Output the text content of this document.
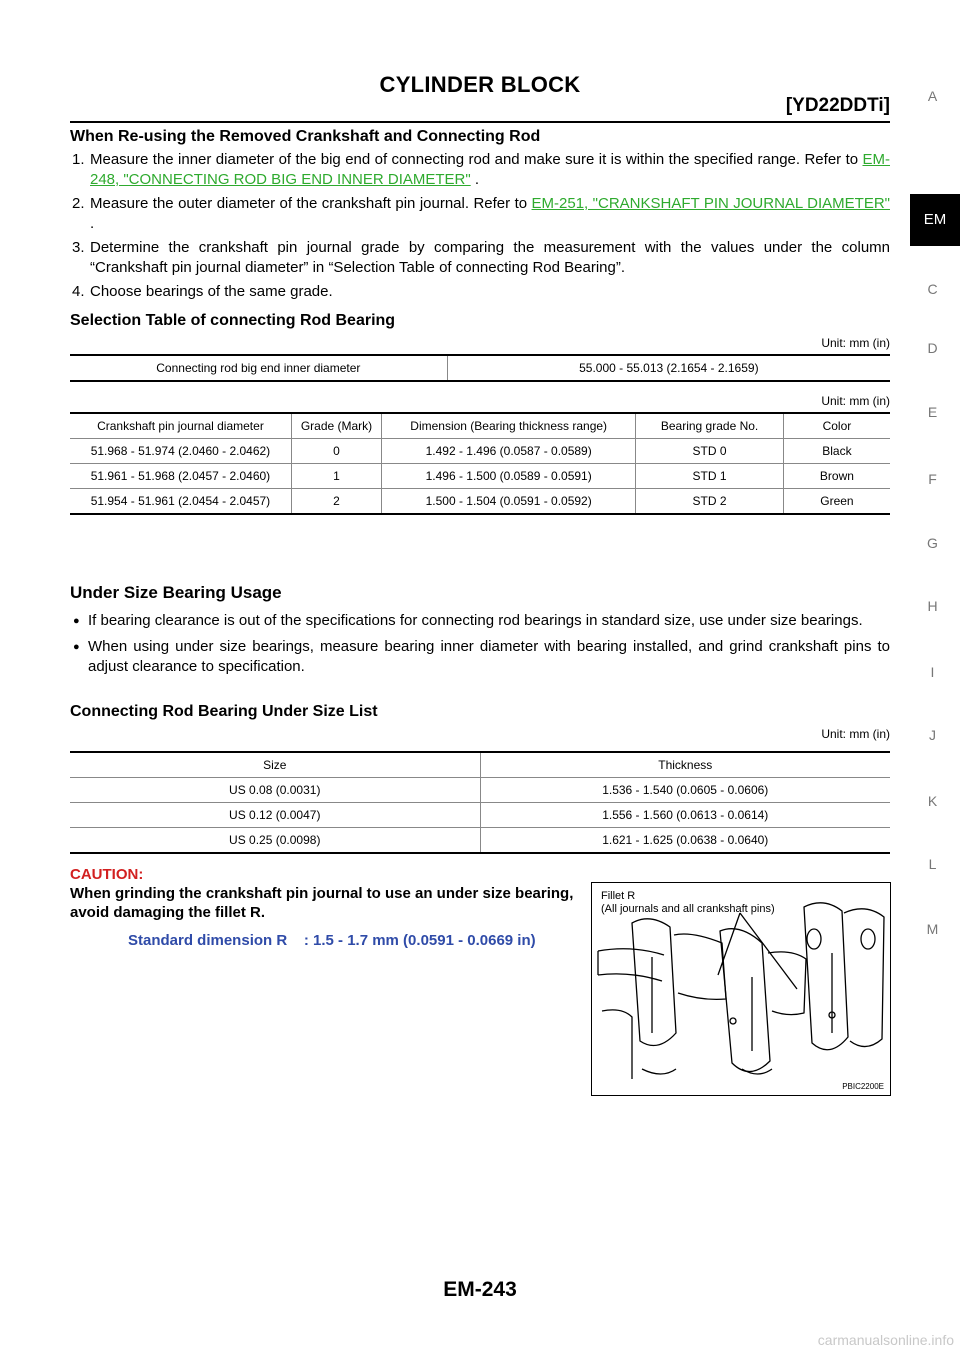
CYLINDER BLOCK
[YD22DDTi]	A
C
D
E
F
G
H
I
J
K
L
M
EM

When Re-using the Removed Crankshaft and Connecting Rod

1. Measure the inner diameter of the big end of connecting rod and make sure it is within the specified range. Refer to EM-248, "CONNECTING ROD BIG END INNER DIAMETER" .
2. Measure the outer diameter of the crankshaft pin journal. Refer to EM-251, "CRANKSHAFT PIN JOURNAL DIAMETER" .
3. Determine the crankshaft pin journal grade by comparing the measurement with the values under the column “Crankshaft pin journal diameter” in “Selection Table of connecting Rod Bearing”.
4. Choose bearings of the same grade.

Selection Table of connecting Rod Bearing

Unit: mm (in)
Connecting rod big end inner diameter	55.000 - 55.013 (2.1654 - 2.1659)
Unit: mm (in)
Crankshaft pin journal diameter	Grade (Mark)	Dimension (Bearing thickness range)	Bearing grade No.	Color
51.968 - 51.974 (2.0460 - 2.0462)	0	1.492 - 1.496 (0.0587 - 0.0589)	STD 0	Black
51.961 - 51.968 (2.0457 - 2.0460)	1	1.496 - 1.500 (0.0589 - 0.0591)	STD 1	Brown
51.954 - 51.961 (2.0454 - 2.0457)	2	1.500 - 1.504 (0.0591 - 0.0592)	STD 2	Green

Under Size Bearing Usage

● If bearing clearance is out of the specifications for connecting rod bearings in standard size, use under size bearings.
● When using under size bearings, measure bearing inner diameter with bearing installed, and grind crankshaft pins to adjust clearance to specification.

Connecting Rod Bearing Under Size List

Unit: mm (in)
Size	Thickness
US 0.08 (0.0031)	1.536 - 1.540 (0.0605 - 0.0606)
US 0.12 (0.0047)	1.556 - 1.560 (0.0613 - 0.0614)
US 0.25 (0.0098)	1.621 - 1.625 (0.0638 - 0.0640)
CAUTION:
When grinding the crankshaft pin journal to use an under size bearing, avoid damaging the fillet R.
Standard dimension R    : 1.5 - 1.7 mm (0.0591 - 0.0669 in)
Fillet R
(All journals and all crankshaft pins)
PBIC2200E
EM-243
carmanualsonline.info
